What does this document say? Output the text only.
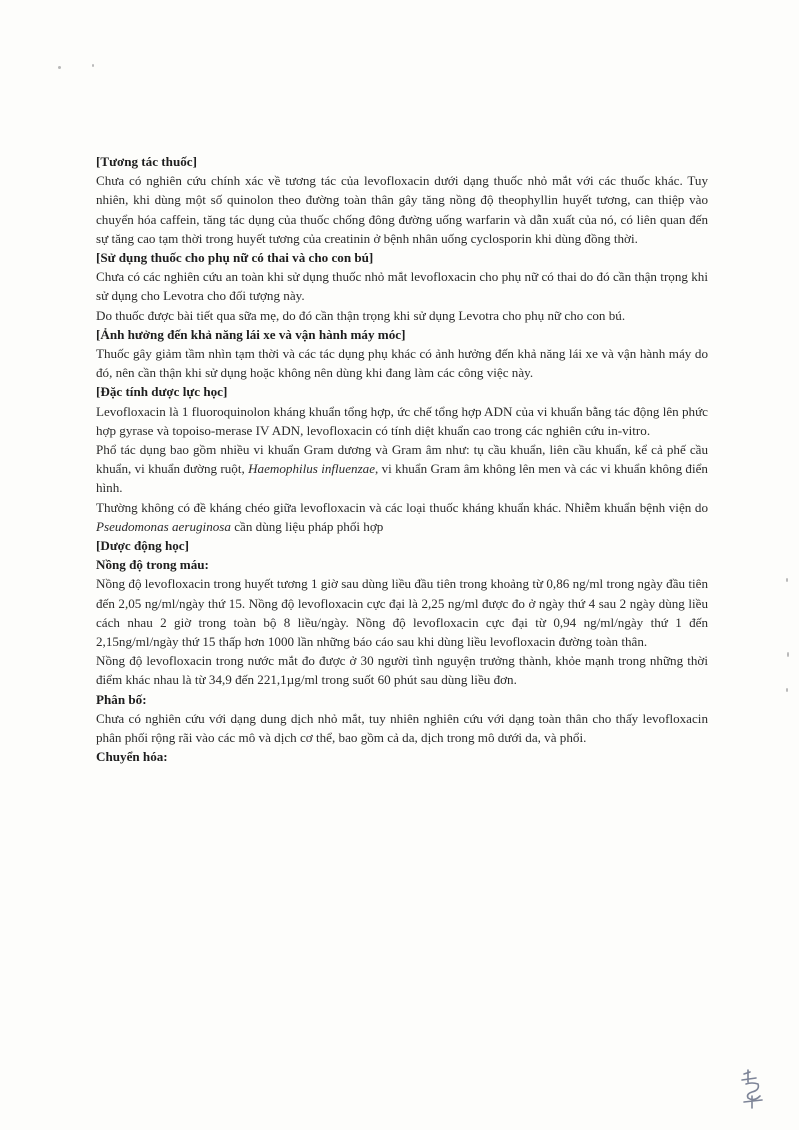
[Tương tác thuốc]

Chưa có nghiên cứu chính xác về tương tác của levofloxacin dưới dạng thuốc nhỏ mắt với các thuốc khác. Tuy nhiên, khi dùng một số quinolon theo đường toàn thân gây tăng nồng độ theophyllin huyết tương, can thiệp vào chuyển hóa caffein, tăng tác dụng của thuốc chống đông đường uống warfarin và dẫn xuất của nó, có liên quan đến sự tăng cao tạm thời trong huyết tương của creatinin ở bệnh nhân uống cyclosporin khi dùng đồng thời.

[Sử dụng thuốc cho phụ nữ có thai và cho con bú]

Chưa có các nghiên cứu an toàn khi sử dụng thuốc nhỏ mắt levofloxacin cho phụ nữ có thai do đó cần thận trọng khi sử dụng cho Levotra cho đối tượng này.

Do thuốc được bài tiết qua sữa mẹ, do đó cần thận trọng khi sử dụng Levotra cho phụ nữ cho con bú.

[Ảnh hưởng đến khả năng lái xe và vận hành máy móc]

Thuốc gây giảm tầm nhìn tạm thời và các tác dụng phụ khác có ảnh hưởng đến khả năng lái xe và vận hành máy do đó, nên cần thận khi sử dụng hoặc không nên dùng khi đang làm các công việc này.

[Đặc tính dược lực học]

Levofloxacin là 1 fluoroquinolon kháng khuẩn tổng hợp, ức chế tổng hợp ADN của vi khuẩn bằng tác động lên phức hợp gyrase và topoiso-merase IV ADN, levofloxacin có tính diệt khuẩn cao trong các nghiên cứu in-vitro.

Phổ tác dụng bao gồm nhiều vi khuẩn Gram dương và Gram âm như: tụ cầu khuẩn, liên cầu khuẩn, kể cả phế cầu khuẩn, vi khuẩn đường ruột, Haemophilus influenzae, vi khuẩn Gram âm không lên men và các vi khuẩn không điển hình.

Thường không có đề kháng chéo giữa levofloxacin và các loại thuốc kháng khuẩn khác. Nhiễm khuẩn bệnh viện do Pseudomonas aeruginosa cần dùng liệu pháp phối hợp

[Dược động học]

Nồng độ trong máu:

Nồng độ levofloxacin trong huyết tương 1 giờ sau dùng liều đầu tiên trong khoảng từ 0,86 ng/ml trong ngày đầu tiên đến 2,05 ng/ml/ngày thứ 15. Nồng độ levofloxacin cực đại là 2,25 ng/ml được đo ở ngày thứ 4 sau 2 ngày dùng liều cách nhau 2 giờ trong toàn bộ 8 liều/ngày. Nồng độ levofloxacin cực đại từ 0,94 ng/ml/ngày thứ 1 đến 2,15ng/ml/ngày thứ 15 thấp hơn 1000 lần những báo cáo sau khi dùng liều levofloxacin đường toàn thân.

Nồng độ levofloxacin trong nước mắt đo được ở 30 người tình nguyện trưởng thành, khỏe mạnh trong những thời điểm khác nhau là từ 34,9 đến 221,1µg/ml trong suốt 60 phút sau dùng liều đơn.

Phân bố:

Chưa có nghiên cứu với dạng dung dịch nhỏ mắt, tuy nhiên nghiên cứu với dạng toàn thân cho thấy levofloxacin phân phối rộng rãi vào các mô và dịch cơ thể, bao gồm cả da, dịch trong mô dưới da, và phổi.

Chuyển hóa:
